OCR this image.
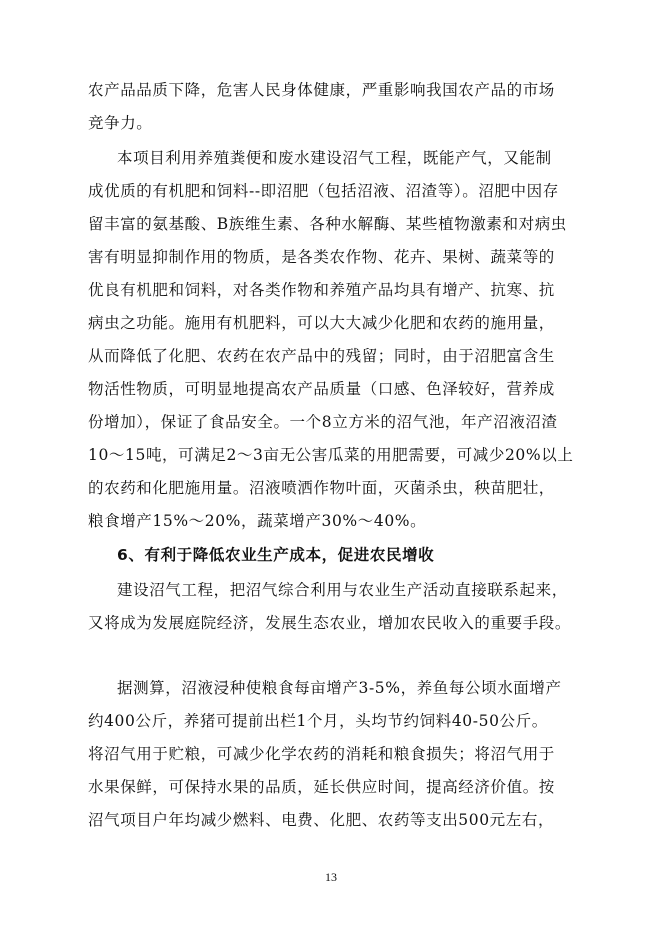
农产品品质下降，危害人民身体健康，严重影响我国农产品的市场
竞争力。
本项目利用养殖粪便和废水建设沼气工程，既能产气，又能制
成优质的有机肥和饲料--即沼肥（包括沼液、沼渣等）。沼肥中因存
留丰富的氨基酸、B族维生素、各种水解酶、某些植物激素和对病虫
害有明显抑制作用的物质，是各类农作物、花卉、果树、蔬菜等的
优良有机肥和饲料，对各类作物和养殖产品均具有增产、抗寒、抗
病虫之功能。施用有机肥料，可以大大减少化肥和农药的施用量，
从而降低了化肥、农药在农产品中的残留；同时，由于沼肥富含生
物活性物质，可明显地提高农产品质量（口感、色泽较好，营养成
份增加），保证了食品安全。一个8立方米的沼气池，年产沼液沼渣
10～15吨，可满足2～3亩无公害瓜菜的用肥需要，可减少20%以上
的农药和化肥施用量。沼液喷洒作物叶面，灭菌杀虫，秧苗肥壮，
粮食增产15%～20%，蔬菜增产30%～40%。
6、有利于降低农业生产成本，促进农民增收
建设沼气工程，把沼气综合利用与农业生产活动直接联系起来，
又将成为发展庭院经济，发展生态农业，增加农民收入的重要手段。
据测算，沼液浸种使粮食每亩增产3-5%，养鱼每公顷水面增产
约400公斤，养猪可提前出栏1个月，头均节约饲料40-50公斤。
将沼气用于贮粮，可减少化学农药的消耗和粮食损失；将沼气用于
水果保鲜，可保持水果的品质，延长供应时间，提高经济价值。按
沼气项目户年均减少燃料、电费、化肥、农药等支出500元左右，
13
